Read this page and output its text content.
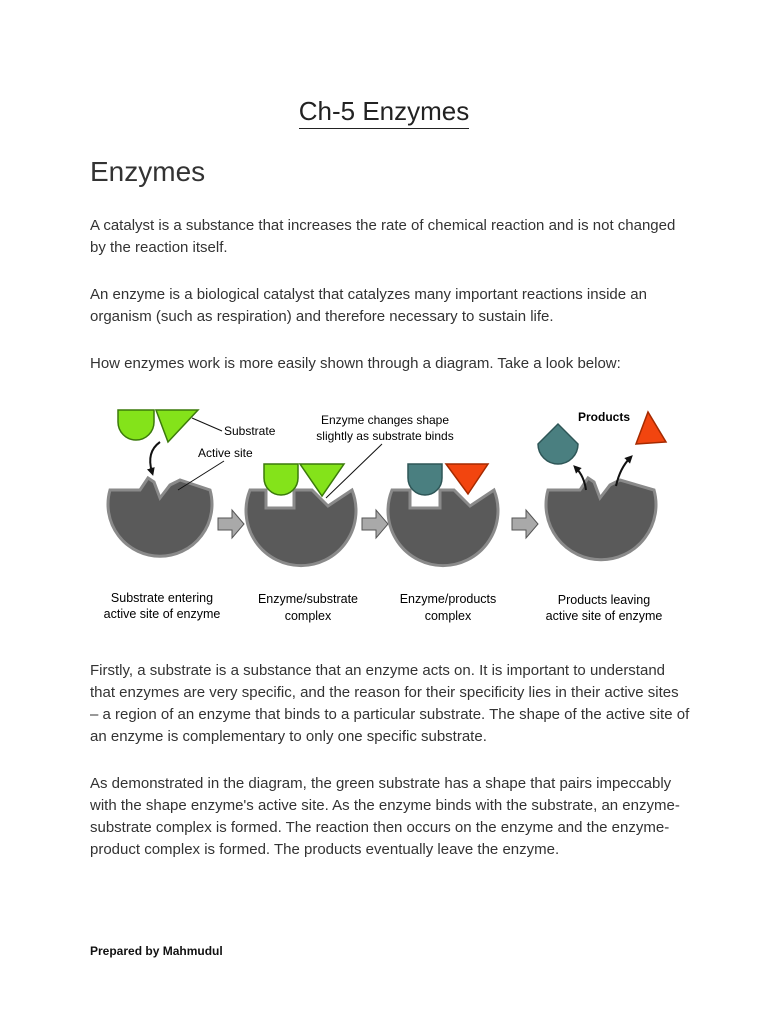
Ch-5 Enzymes
Enzymes

A catalyst is a substance that increases the rate of chemical reaction and is not changed by the reaction itself.

An enzyme is a biological catalyst that catalyzes many important reactions inside an organism (such as respiration) and therefore necessary to sustain life.

How enzymes work is more easily shown through a diagram. Take a look below:

Substrate
Active site
Enzyme changes shape
slightly as substrate binds
Products
Substrate entering
active site of enzyme
Enzyme/substrate
complex
Enzyme/products
complex
Products leaving
active site of enzyme

Firstly, a substrate is a substance that an enzyme acts on. It is important to understand that enzymes are very specific, and the reason for their specificity lies in their active sites – a region of an enzyme that binds to a particular substrate. The shape of the active site of an enzyme is complementary to only one specific substrate.

As demonstrated in the diagram, the green substrate has a shape that pairs impeccably with the shape enzyme's active site. As the enzyme binds with the substrate, an enzyme-substrate complex is formed. The reaction then occurs on the enzyme and the enzyme-product complex is formed. The products eventually leave the enzyme.

Prepared by Mahmudul
